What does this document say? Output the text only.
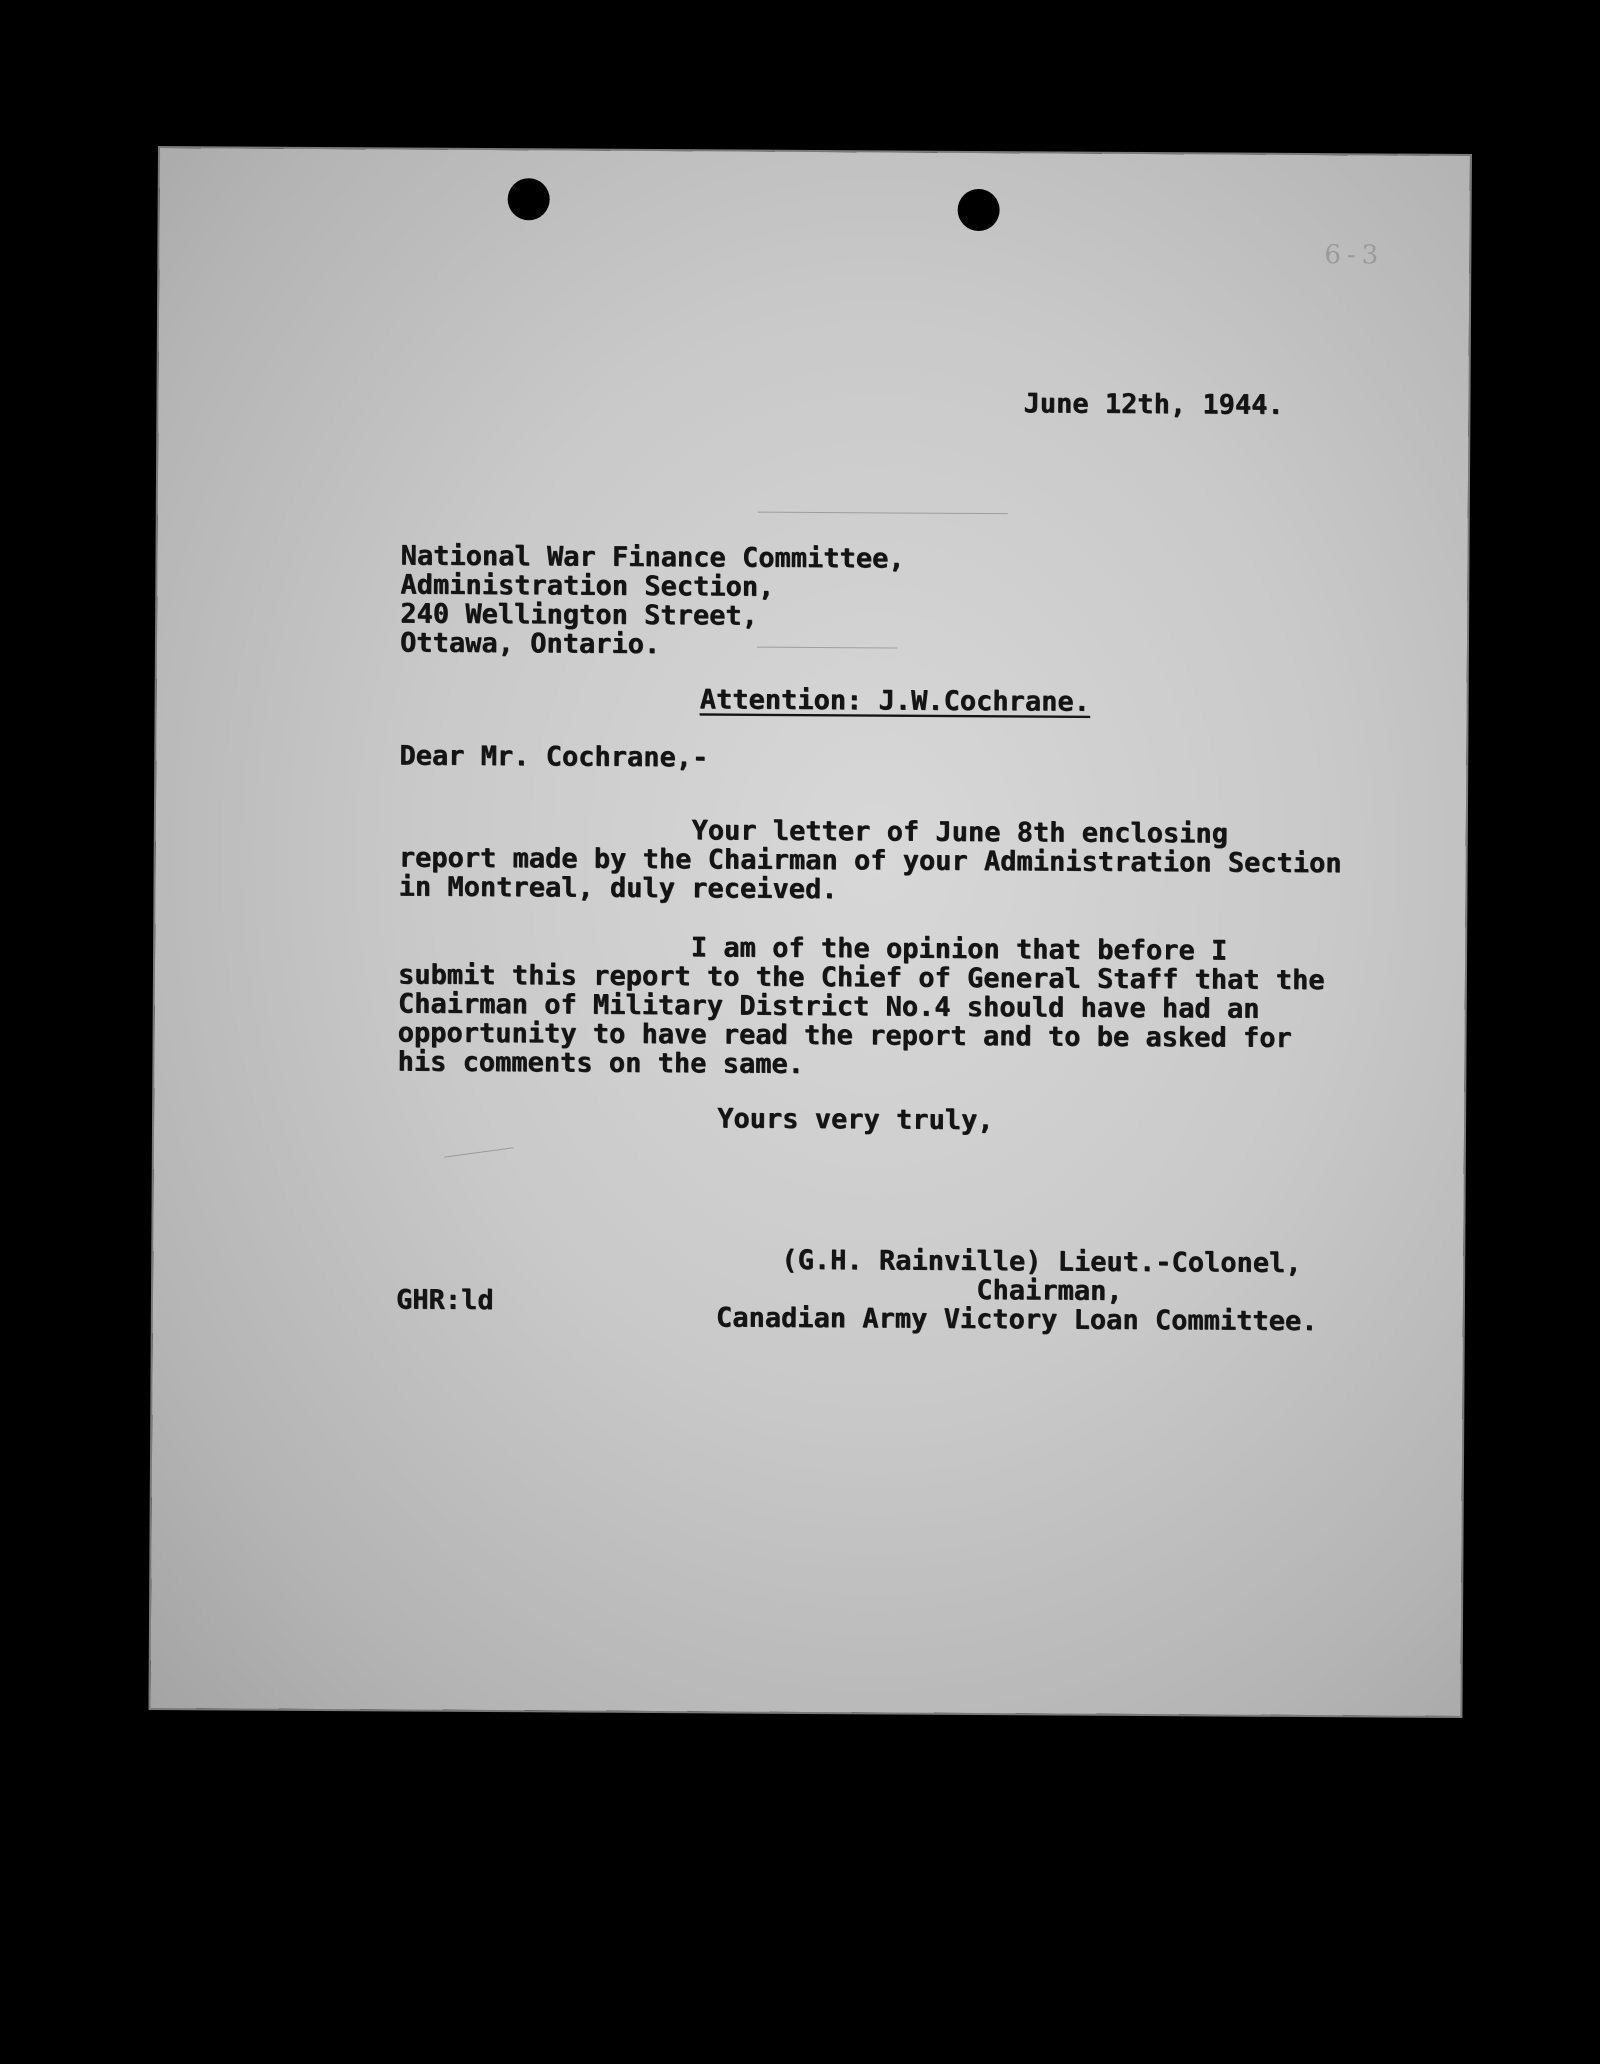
6-3
June 12th, 1944.
National War Finance Committee,
Administration Section,
240 Wellington Street,
Ottawa, Ontario.
Attention: J.W.Cochrane.
Dear Mr. Cochrane,-
Your letter of June 8th enclosing
report made by the Chairman of your Administration Section
in Montreal, duly received.
I am of the opinion that before I
submit this report to the Chief of General Staff that the
Chairman of Military District No.4 should have had an
opportunity to have read the report and to be asked for
his comments on the same.
Yours very truly,
(G.H. Rainville) Lieut.-Colonel,
Chairman,
Canadian Army Victory Loan Committee.
GHR:ld
